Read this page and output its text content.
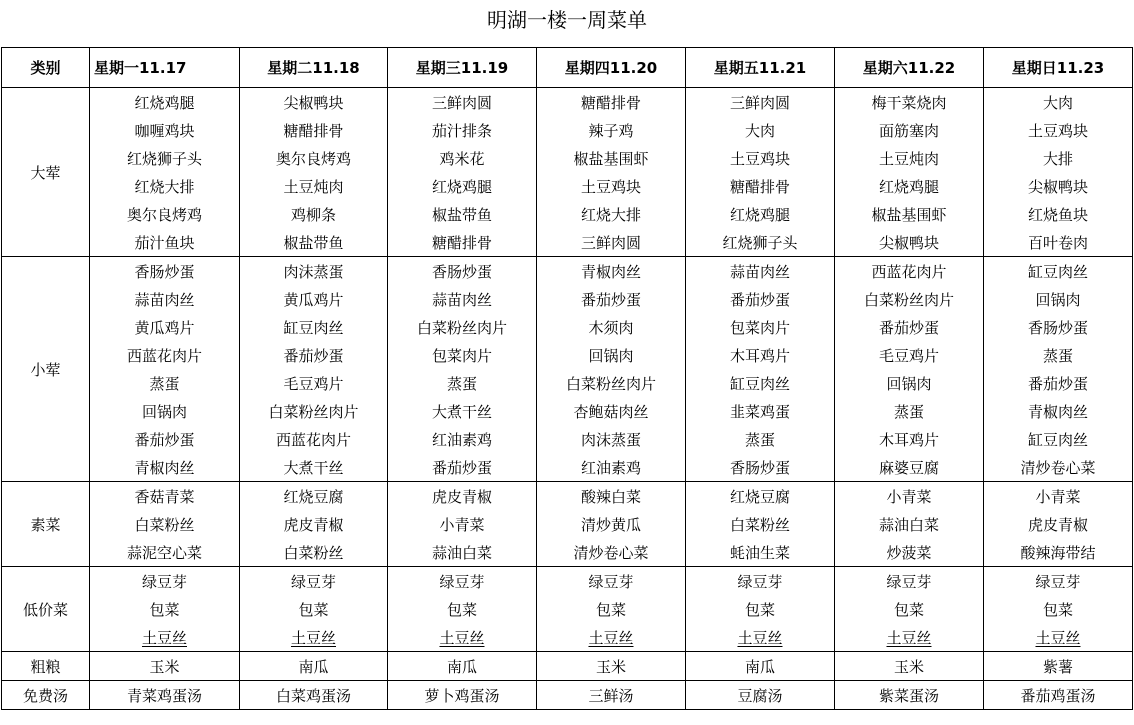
明湖一楼一周菜单
类别	星期一11.17	星期二11.18	星期三11.19	星期四11.20	星期五11.21	星期六11.22	星期日11.23
大荤	红烧鸡腿	尖椒鸭块	三鲜肉圆	糖醋排骨	三鲜肉圆	梅干菜烧肉	大肉
	咖喱鸡块	糖醋排骨	茄汁排条	辣子鸡	大肉	面筋塞肉	土豆鸡块
	红烧狮子头	奥尔良烤鸡	鸡米花	椒盐基围虾	土豆鸡块	土豆炖肉	大排
	红烧大排	土豆炖肉	红烧鸡腿	土豆鸡块	糖醋排骨	红烧鸡腿	尖椒鸭块
	奥尔良烤鸡	鸡柳条	椒盐带鱼	红烧大排	红烧鸡腿	椒盐基围虾	红烧鱼块
	茄汁鱼块	椒盐带鱼	糖醋排骨	三鲜肉圆	红烧狮子头	尖椒鸭块	百叶卷肉
小荤	香肠炒蛋	肉沫蒸蛋	香肠炒蛋	青椒肉丝	蒜苗肉丝	西蓝花肉片	缸豆肉丝
	蒜苗肉丝	黄瓜鸡片	蒜苗肉丝	番茄炒蛋	番茄炒蛋	白菜粉丝肉片	回锅肉
	黄瓜鸡片	缸豆肉丝	白菜粉丝肉片	木须肉	包菜肉片	番茄炒蛋	香肠炒蛋
	西蓝花肉片	番茄炒蛋	包菜肉片	回锅肉	木耳鸡片	毛豆鸡片	蒸蛋
	蒸蛋	毛豆鸡片	蒸蛋	白菜粉丝肉片	缸豆肉丝	回锅肉	番茄炒蛋
	回锅肉	白菜粉丝肉片	大煮干丝	杏鲍菇肉丝	韭菜鸡蛋	蒸蛋	青椒肉丝
	番茄炒蛋	西蓝花肉片	红油素鸡	肉沫蒸蛋	蒸蛋	木耳鸡片	缸豆肉丝
	青椒肉丝	大煮干丝	番茄炒蛋	红油素鸡	香肠炒蛋	麻婆豆腐	清炒卷心菜
素菜	香菇青菜	红烧豆腐	虎皮青椒	酸辣白菜	红烧豆腐	小青菜	小青菜
	白菜粉丝	虎皮青椒	小青菜	清炒黄瓜	白菜粉丝	蒜油白菜	虎皮青椒
	蒜泥空心菜	白菜粉丝	蒜油白菜	清炒卷心菜	蚝油生菜	炒菠菜	酸辣海带结
低价菜	绿豆芽	绿豆芽	绿豆芽	绿豆芽	绿豆芽	绿豆芽	绿豆芽
	包菜	包菜	包菜	包菜	包菜	包菜	包菜
	土豆丝	土豆丝	土豆丝	土豆丝	土豆丝	土豆丝	土豆丝
粗粮	玉米	南瓜	南瓜	玉米	南瓜	玉米	紫薯
免费汤	青菜鸡蛋汤	白菜鸡蛋汤	萝卜鸡蛋汤	三鲜汤	豆腐汤	紫菜蛋汤	番茄鸡蛋汤
